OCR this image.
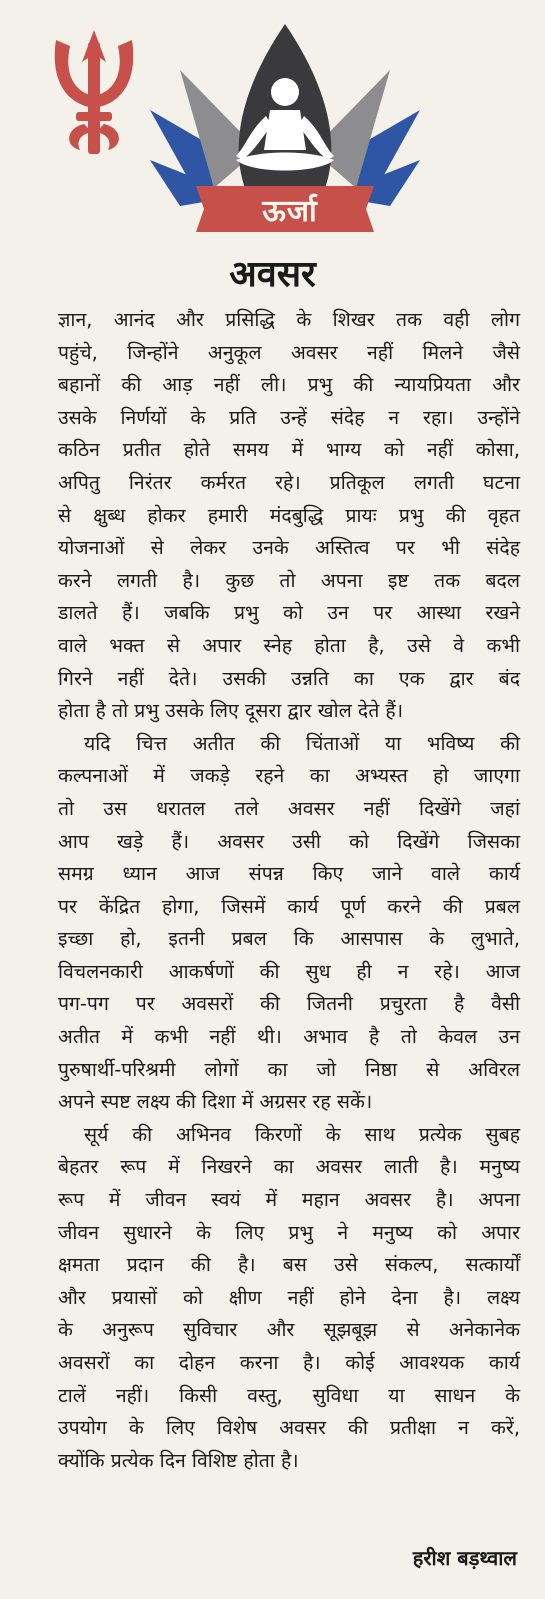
ऊर्जा
अवसर

ज्ञान, आनंद और प्रसिद्धि के शिखर तक वही लोग
पहुंचे, जिन्होंने अनुकूल अवसर नहीं मिलने जैसे
बहानों की आड़ नहीं ली। प्रभु की न्यायप्रियता और
उसके निर्णयों के प्रति उन्हें संदेह न रहा। उन्होंने
कठिन प्रतीत होते समय में भाग्य को नहीं कोसा,
अपितु निरंतर कर्मरत रहे। प्रतिकूल लगती घटना
से क्षुब्ध होकर हमारी मंदबुद्धि प्रायः प्रभु की वृहत
योजनाओं से लेकर उनके अस्तित्व पर भी संदेह
करने लगती है। कुछ तो अपना इष्ट तक बदल
डालते हैं। जबकि प्रभु को उन पर आस्था रखने
वाले भक्त से अपार स्नेह होता है, उसे वे कभी
गिरने नहीं देते। उसकी उन्नति का एक द्वार बंद
होता है तो प्रभु उसके लिए दूसरा द्वार खोल देते हैं।

यदि चित्त अतीत की चिंताओं या भविष्य की
कल्पनाओं में जकड़े रहने का अभ्यस्त हो जाएगा
तो उस धरातल तले अवसर नहीं दिखेंगे जहां
आप खड़े हैं। अवसर उसी को दिखेंगे जिसका
समग्र ध्यान आज संपन्न किए जाने वाले कार्य
पर केंद्रित होगा, जिसमें कार्य पूर्ण करने की प्रबल
इच्छा हो, इतनी प्रबल कि आसपास के लुभाते,
विचलनकारी आकर्षणों की सुध ही न रहे। आज
पग-पग पर अवसरों की जितनी प्रचुरता है वैसी
अतीत में कभी नहीं थी। अभाव है तो केवल उन
पुरुषार्थी-परिश्रमी लोगों का जो निष्ठा से अविरल
अपने स्पष्ट लक्ष्य की दिशा में अग्रसर रह सकें।

सूर्य की अभिनव किरणों के साथ प्रत्येक सुबह
बेहतर रूप में निखरने का अवसर लाती है। मनुष्य
रूप में जीवन स्वयं में महान अवसर है। अपना
जीवन सुधारने के लिए प्रभु ने मनुष्य को अपार
क्षमता प्रदान की है। बस उसे संकल्प, सत्कार्यों
और प्रयासों को क्षीण नहीं होने देना है। लक्ष्य
के अनुरूप सुविचार और सूझबूझ से अनेकानेक
अवसरों का दोहन करना है। कोई आवश्यक कार्य
टालें नहीं। किसी वस्तु, सुविधा या साधन के
उपयोग के लिए विशेष अवसर की प्रतीक्षा न करें,
क्योंकि प्रत्येक दिन विशिष्ट होता है।

हरीश बड़थ्वाल
